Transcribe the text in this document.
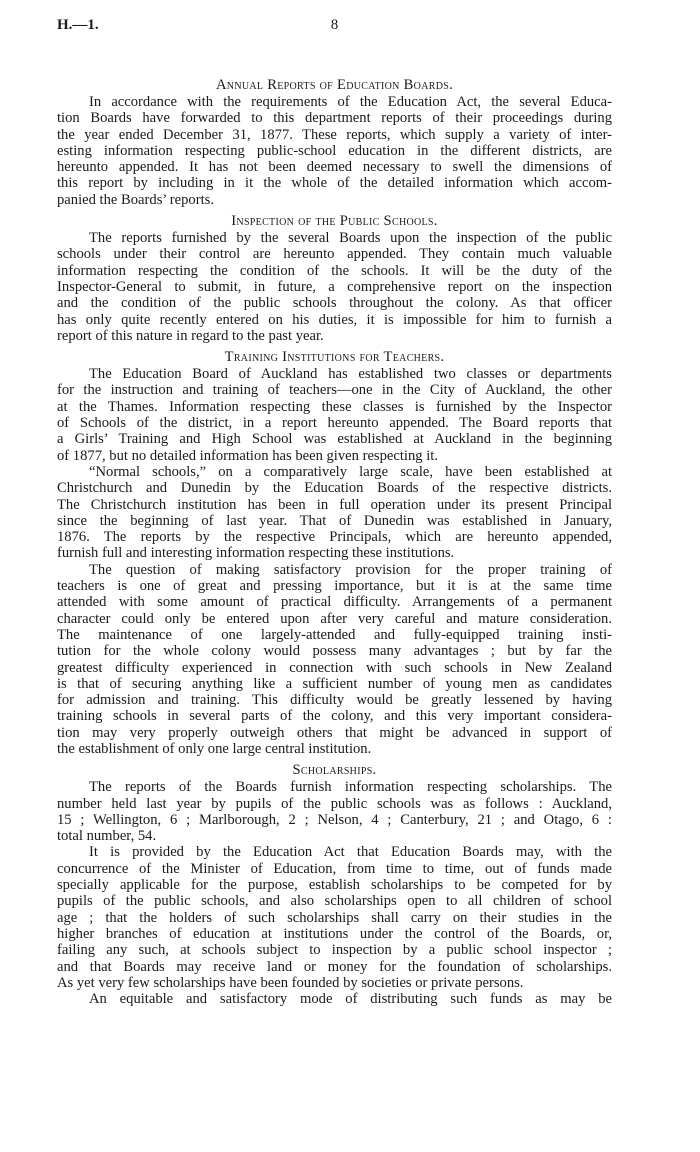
H.—1.	8
Annual Reports of Education Boards.
In accordance with the requirements of the Education Act, the several Educa-
tion Boards have forwarded to this department reports of their proceedings during
the year ended December 31, 1877. These reports, which supply a variety of inter-
esting information respecting public-school education in the different districts, are
hereunto appended. It has not been deemed necessary to swell the dimensions of
this report by including in it the whole of the detailed information which accom-
panied the Boards’ reports.
Inspection of the Public Schools.
The reports furnished by the several Boards upon the inspection of the public
schools under their control are hereunto appended. They contain much valuable
information respecting the condition of the schools. It will be the duty of the
Inspector-General to submit, in future, a comprehensive report on the inspection
and the condition of the public schools throughout the colony. As that officer
has only quite recently entered on his duties, it is impossible for him to furnish a
report of this nature in regard to the past year.
Training Institutions for Teachers.
The Education Board of Auckland has established two classes or departments
for the instruction and training of teachers—one in the City of Auckland, the other
at the Thames. Information respecting these classes is furnished by the Inspector
of Schools of the district, in a report hereunto appended. The Board reports that
a Girls’ Training and High School was established at Auckland in the beginning
of 1877, but no detailed information has been given respecting it.
“Normal schools,” on a comparatively large scale, have been established at
Christchurch and Dunedin by the Education Boards of the respective districts.
The Christchurch institution has been in full operation under its present Principal
since the beginning of last year. That of Dunedin was established in January,
1876. The reports by the respective Principals, which are hereunto appended,
furnish full and interesting information respecting these institutions.
The question of making satisfactory provision for the proper training of
teachers is one of great and pressing importance, but it is at the same time
attended with some amount of practical difficulty. Arrangements of a permanent
character could only be entered upon after very careful and mature consideration.
The maintenance of one largely-attended and fully-equipped training insti-
tution for the whole colony would possess many advantages ; but by far the
greatest difficulty experienced in connection with such schools in New Zealand
is that of securing anything like a sufficient number of young men as candidates
for admission and training. This difficulty would be greatly lessened by having
training schools in several parts of the colony, and this very important considera-
tion may very properly outweigh others that might be advanced in support of
the establishment of only one large central institution.
Scholarships.
The reports of the Boards furnish information respecting scholarships. The
number held last year by pupils of the public schools was as follows : Auckland,
15 ; Wellington, 6 ; Marlborough, 2 ; Nelson, 4 ; Canterbury, 21 ; and Otago, 6 :
total number, 54.
It is provided by the Education Act that Education Boards may, with the
concurrence of the Minister of Education, from time to time, out of funds made
specially applicable for the purpose, establish scholarships to be competed for by
pupils of the public schools, and also scholarships open to all children of school
age ; that the holders of such scholarships shall carry on their studies in the
higher branches of education at institutions under the control of the Boards, or,
failing any such, at schools subject to inspection by a public school inspector ;
and that Boards may receive land or money for the foundation of scholarships.
As yet very few scholarships have been founded by societies or private persons.
An equitable and satisfactory mode of distributing such funds as may be
